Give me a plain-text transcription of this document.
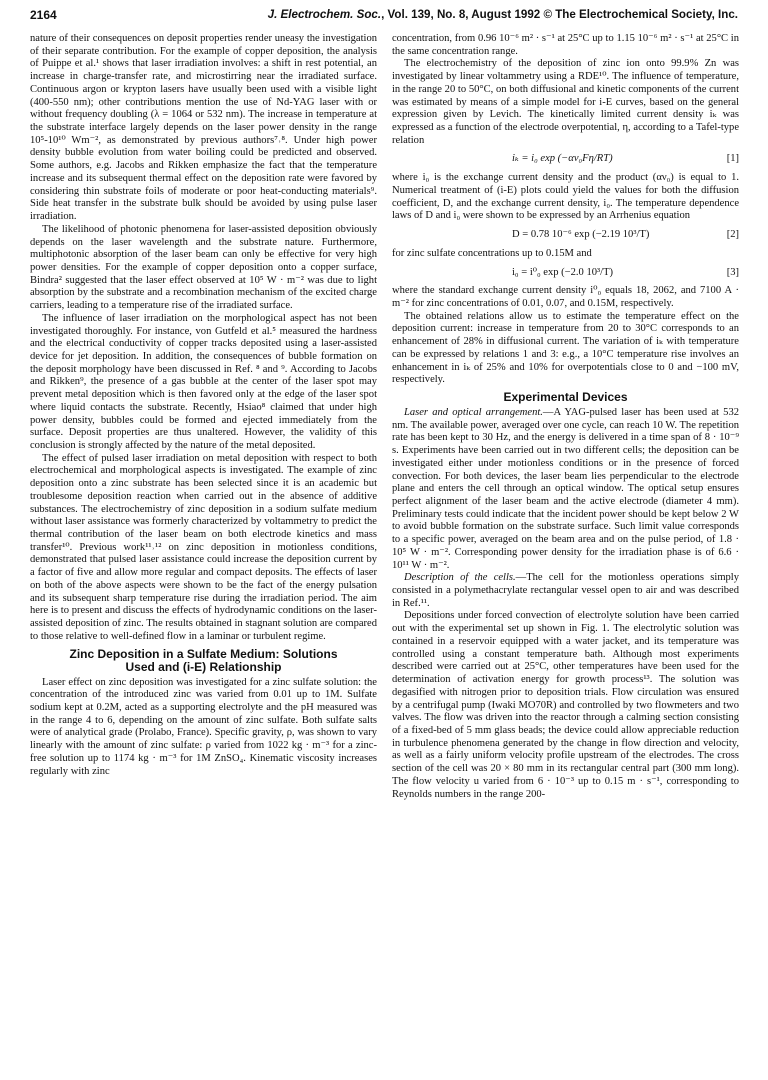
2164	J. Electrochem. Soc., Vol. 139, No. 8, August 1992 © The Electrochemical Society, Inc.

nature of their consequences on deposit properties render uneasy the investigation of their separate contribution. For the example of copper deposition, the analysis of Puippe et al.¹ shows that laser irradiation involves: a shift in rest potential, an increase in charge-transfer rate, and microstirring near the irradiated surface. Continuous argon or krypton lasers have usually been used with a visible light (400-550 nm); other contributions mention the use of Nd-YAG laser with or without frequency doubling (λ = 1064 or 532 nm). The increase in temperature at the substrate interface largely depends on the laser power density in the range 10⁵-10¹⁰ Wm⁻², as demonstrated by previous authors⁷˒⁸. Under high power density bubble evolution from water boiling could be predicted and observed. Some authors, e.g. Jacobs and Rikken emphasize the fact that the temperature increase and its subsequent thermal effect on the deposition rate were favored by considering thin substrate foils of moderate or poor heat-conducting materials⁹. Side heat transfer in the substrate bulk should be avoided by using pulse laser irradiation.

The likelihood of photonic phenomena for laser-assisted deposition obviously depends on the laser wavelength and the substrate nature. Furthermore, multiphotonic absorption of the laser beam can only be effective for very high power densities. For the example of copper deposition onto a copper surface, Bindra² suggested that the laser effect observed at 10⁵ W · m⁻² was due to light absorption by the substrate and a recombination mechanism of the excited charge carriers, leading to a temperature rise of the irradiated surface.

The influence of laser irradiation on the morphological aspect has not been investigated thoroughly. For instance, von Gutfeld et al.⁵ measured the hardness and the electrical conductivity of copper tracks deposited using a laser-assisted device for jet deposition. In addition, the consequences of bubble formation on the deposit morphology have been discussed in Ref. ⁸ and ⁹. According to Jacobs and Rikken⁹, the presence of a gas bubble at the center of the laser spot may prevent metal deposition which is then favored only at the edge of the laser spot where liquid contacts the substrate. Recently, Hsiao⁸ claimed that under high power density, bubbles could be formed and ejected immediately from the surface. Deposit properties are thus unaltered. However, the validity of this conclusion is strongly affected by the nature of the metal deposited.

The effect of pulsed laser irradiation on metal deposition with respect to both electrochemical and morphological aspects is investigated. The example of zinc deposition onto a zinc substrate has been selected since it is an academic but troublesome deposition reaction when carried out in the absence of additive substances. The electrochemistry of zinc deposition in a sodium sulfate medium without laser assistance was formerly characterized by voltammetry to predict the thermal contribution of the laser beam on both electrode kinetics and mass transfer¹⁰. Previous work¹¹˒¹² on zinc deposition in motionless conditions, demonstrated that pulsed laser assistance could increase the deposition current by a factor of five and allow more regular and compact deposits. The effects of laser on both of the above aspects were shown to be the fact of the energy pulsation and its subsequent sharp temperature rise during the irradiation period. The aim here is to present and discuss the effects of hydrodynamic conditions on the laser-assisted deposition of zinc. The results obtained in stagnant solution are compared to those relative to well-defined flow in a laminar or turbulent regime.

Zinc Deposition in a Sulfate Medium: Solutions
Used and (i-E) Relationship

Laser effect on zinc deposition was investigated for a zinc sulfate solution: the concentration of the introduced zinc was varied from 0.01 up to 1M. Sulfate sodium kept at 0.2M, acted as a supporting electrolyte and the pH measured was in the range 4 to 6, depending on the amount of zinc sulfate. Both sulfate salts were of analytical grade (Prolabo, France). Specific gravity, ρ, was shown to vary linearly with the amount of zinc sulfate: ρ varied from 1022 kg · m⁻³ for a zinc-free solution up to 1174 kg · m⁻³ for 1M ZnSO₄. Kinematic viscosity increases regularly with zinc

concentration, from 0.96 10⁻⁶ m² · s⁻¹ at 25°C up to 1.15 10⁻⁶ m² · s⁻¹ at 25°C in the same concentration range.

The electrochemistry of the deposition of zinc ion onto 99.9% Zn was investigated by linear voltammetry using a RDE¹⁰. The influence of temperature, in the range 20 to 50°C, on both diffusional and kinetic components of the current was estimated by means of a simple model for i-E curves, based on the general expression given by Levich. The kinetically limited current density iₖ was expressed as a function of the electrode overpotential, η, according to a Tafel-type relation

iₖ = i₀ exp (−αν₀Fη/RT)	[1]

where i₀ is the exchange current density and the product (αν₀) is equal to 1. Numerical treatment of (i-E) plots could yield the values for both the diffusion coefficient, D, and the exchange current density, i₀. The temperature dependence laws of D and i₀ were shown to be expressed by an Arrhenius equation

D = 0.78 10⁻⁶ exp (−2.19 10³/T)	[2]

for zinc sulfate concentrations up to 0.15M and

i₀ = i⁰₀ exp (−2.0 10³/T)	[3]

where the standard exchange current density i⁰₀ equals 18, 2062, and 7100 A · m⁻² for zinc concentrations of 0.01, 0.07, and 0.15M, respectively.

The obtained relations allow us to estimate the temperature effect on the deposition current: increase in temperature from 20 to 30°C corresponds to an enhancement of 28% in diffusional current. The variation of iₖ with temperature can be expressed by relations 1 and 3: e.g., a 10°C temperature rise involves an enhancement in iₖ of 25% and 10% for overpotentials close to 0 and −100 mV, respectively.

Experimental Devices

Laser and optical arrangement.—A YAG-pulsed laser has been used at 532 nm. The available power, averaged over one cycle, can reach 10 W. The repetition rate has been kept to 30 Hz, and the energy is delivered in a time span of 8 · 10⁻⁹ s. Experiments have been carried out in two different cells; the deposition can be investigated either under motionless conditions or in the presence of forced convection. For both devices, the laser beam lies perpendicular to the electrode plane and enters the cell through an optical window. The optical setup ensures perfect alignment of the laser beam and the active electrode (diameter 4 mm). Preliminary tests could indicate that the incident power should be kept below 2 W to avoid bubble formation on the substrate surface. Such limit value corresponds to a specific power, averaged on the beam area and on the pulse period, of 1.8 · 10⁵ W · m⁻². Corresponding power density for the irradiation phase is of 6.6 · 10¹¹ W · m⁻².

Description of the cells.—The cell for the motionless operations simply consisted in a polymethacrylate rectangular vessel open to air and was described in Ref.¹¹.

Depositions under forced convection of electrolyte solution have been carried out with the experimental set up shown in Fig. 1. The electrolytic solution was contained in a reservoir equipped with a water jacket, and its temperature was controlled using a constant temperature bath. Although most experiments described were carried out at 25°C, other temperatures have been used for the determination of activation energy for growth process¹³. The solution was degasified with nitrogen prior to deposition trials. Flow circulation was ensured by a centrifugal pump (Iwaki MO70R) and controlled by two flowmeters and two valves. The flow was driven into the reactor through a calming section consisting of a fixed-bed of 5 mm glass beads; the device could allow appreciable reduction in turbulence phenomena generated by the change in flow direction and velocity, as well as a fairly uniform velocity profile upstream of the electrodes. The cross section of the cell was 20 × 80 mm in its rectangular central part (300 mm long). The flow velocity u varied from 6 · 10⁻³ up to 0.15 m · s⁻¹, corresponding to Reynolds numbers in the range 200-
